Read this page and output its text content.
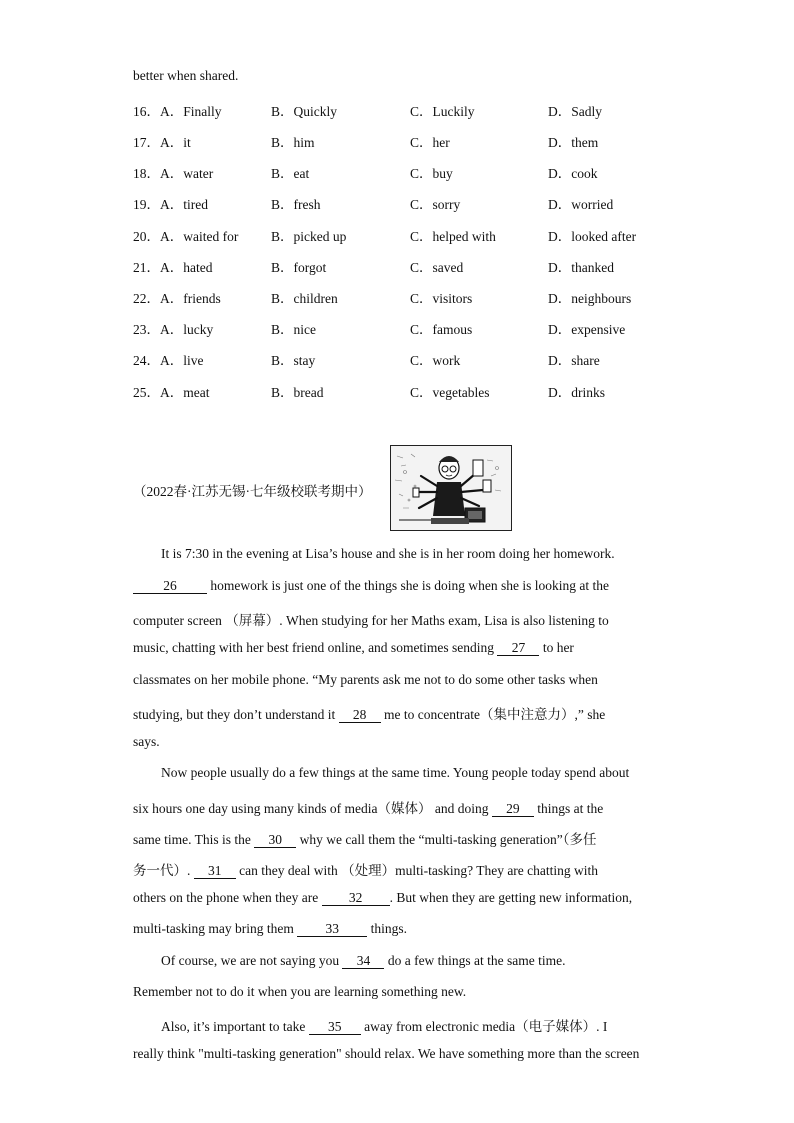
better when shared.
16．A．Finally	B．Quickly	C．Luckily	D．Sadly
17．A．it	B．him	C．her	D．them
18．A．water	B．eat	C．buy	D．cook
19．A．tired	B．fresh	C．sorry	D．worried
20．A．waited for B．picked up	C．helped with	D．looked after
21．A．hated	B．forgot	C．saved	D．thanked
22．A．friends	B．children	C．visitors	D．neighbours
23．A．lucky	B．nice	C．famous	D．expensive
24．A．live	B．stay	C．work	D．share
25．A．meat	B．bread	C．vegetables	D．drinks
（2022春·江苏无锡·七年级校联考期中）
It is 7:30 in the evening at Lisa’s house and she is in her room doing her homework.
26 homework is just one of the things she is doing when she is looking at the
computer screen （屏幕）. When studying for her Maths exam, Lisa is also listening to
music, chatting with her best friend online, and sometimes sending 27 to her
classmates on her mobile phone. “My parents ask me not to do some other tasks when
studying, but they don’t understand it 28 me to concentrate（集中注意力）,” she
says.
Now people usually do a few things at the same time. Young people today spend about
six hours one day using many kinds of media（媒体） and doing 29 things at the
same time. This is the 30 why we call them the “multi-tasking generation”（多任
务一代）. 31 can they deal with （处理）multi-tasking? They are chatting with
others on the phone when they are 32 . But when they are getting new information,
multi-tasking may bring them 33 things.
Of course, we are not saying you 34 do a few things at the same time.
Remember not to do it when you are learning something new.
Also, it’s important to take 35 away from electronic media（电子媒体）. I
really think "multi-tasking generation" should relax. We have something more than the screen
